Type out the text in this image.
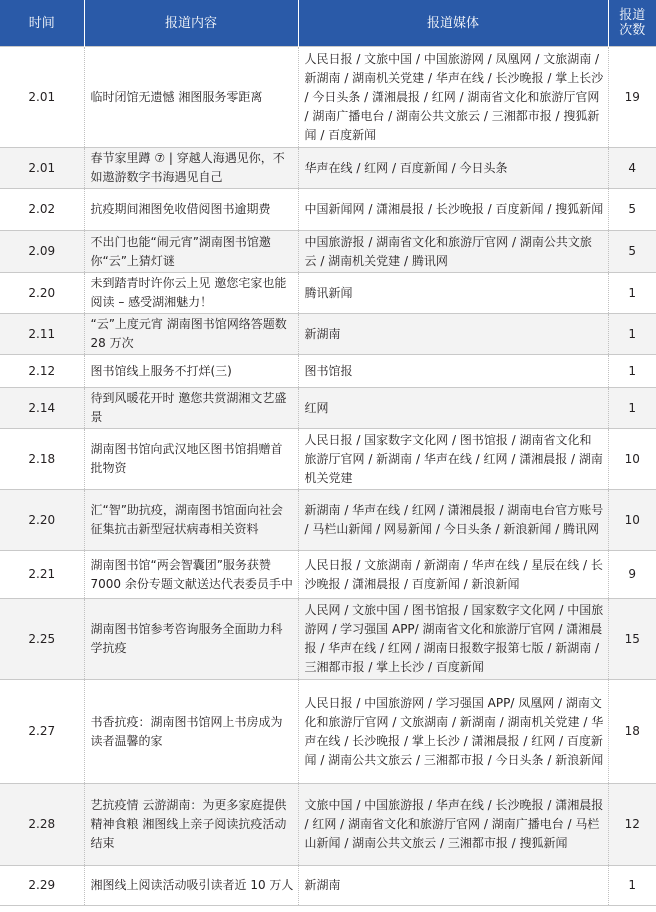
时间	报道内容	报道媒体	报道
次数
2.01	临时闭馆无遗憾 湘图服务零距离	人民日报 / 文旅中国 / 中国旅游网 / 凤凰网 / 文旅湖南 / 新湖南 / 湖南机关党建 / 华声在线 / 长沙晚报 / 掌上长沙 / 今日头条 / 潇湘晨报 / 红网 / 湖南省文化和旅游厅官网 / 湖南广播电台 / 湖南公共文旅云 / 三湘都市报 / 搜狐新闻 / 百度新闻	19
2.01	春节家里蹲 ⑦ | 穿越人海遇见你，不如遨游数字书海遇见自己	华声在线 / 红网 / 百度新闻 / 今日头条	4
2.02	抗疫期间湘图免收借阅图书逾期费	中国新闻网 / 潇湘晨报 / 长沙晚报 / 百度新闻 / 搜狐新闻	5
2.09	不出门也能“闹元宵”湖南图书馆邀你“云”上猜灯谜	中国旅游报 / 湖南省文化和旅游厅官网 / 湖南公共文旅云 / 湖南机关党建 / 腾讯网	5
2.20	未到踏青时许你云上见 邀您宅家也能阅读 – 感受湖湘魅力！	腾讯新闻	1
2.11	“云”上度元宵 湖南图书馆网络答题数 28 万次	新湖南	1
2.12	图书馆线上服务不打烊(三)	图书馆报	1
2.14	待到风暖花开时 邀您共赏湖湘文艺盛景	红网	1
2.18	湖南图书馆向武汉地区图书馆捐赠首批物资	人民日报 / 国家数字文化网 / 图书馆报 / 湖南省文化和旅游厅官网 / 新湖南 / 华声在线 / 红网 / 潇湘晨报 / 湖南机关党建	10
2.20	汇“智”助抗疫，湖南图书馆面向社会征集抗击新型冠状病毒相关资料	新湖南 / 华声在线 / 红网 / 潇湘晨报 / 湖南电台官方账号 / 马栏山新闻 / 网易新闻 / 今日头条 / 新浪新闻 / 腾讯网	10
2.21	湖南图书馆“两会智囊团”服务获赞 7000 余份专题文献送达代表委员手中	人民日报 / 文旅湖南 / 新湖南 / 华声在线 / 星辰在线 / 长沙晚报 / 潇湘晨报 / 百度新闻 / 新浪新闻	9
2.25	湖南图书馆参考咨询服务全面助力科学抗疫	人民网 / 文旅中国 / 图书馆报 / 国家数字文化网 / 中国旅游网 / 学习强国 APP/ 湖南省文化和旅游厅官网 / 潇湘晨报 / 华声在线 / 红网 / 湖南日报数字报第七版 / 新湖南 / 三湘都市报 / 掌上长沙 / 百度新闻	15
2.27	书香抗疫：湖南图书馆网上书房成为读者温馨的家	人民日报 / 中国旅游网 / 学习强国 APP/ 凤凰网 / 湖南文化和旅游厅官网 / 文旅湖南 / 新湖南 / 湖南机关党建 / 华声在线 / 长沙晚报 / 掌上长沙 / 潇湘晨报 / 红网 / 百度新闻 / 湖南公共文旅云 / 三湘都市报 / 今日头条 / 新浪新闻	18
2.28	艺抗疫情 云游湖南：为更多家庭提供精神食粮 湘图线上亲子阅读抗疫活动结束	文旅中国 / 中国旅游报 / 华声在线 / 长沙晚报 / 潇湘晨报 / 红网 / 湖南省文化和旅游厅官网 / 湖南广播电台 / 马栏山新闻 / 湖南公共文旅云 / 三湘都市报 / 搜狐新闻	12
2.29	湘图线上阅读活动吸引读者近 10 万人	新湖南	1
